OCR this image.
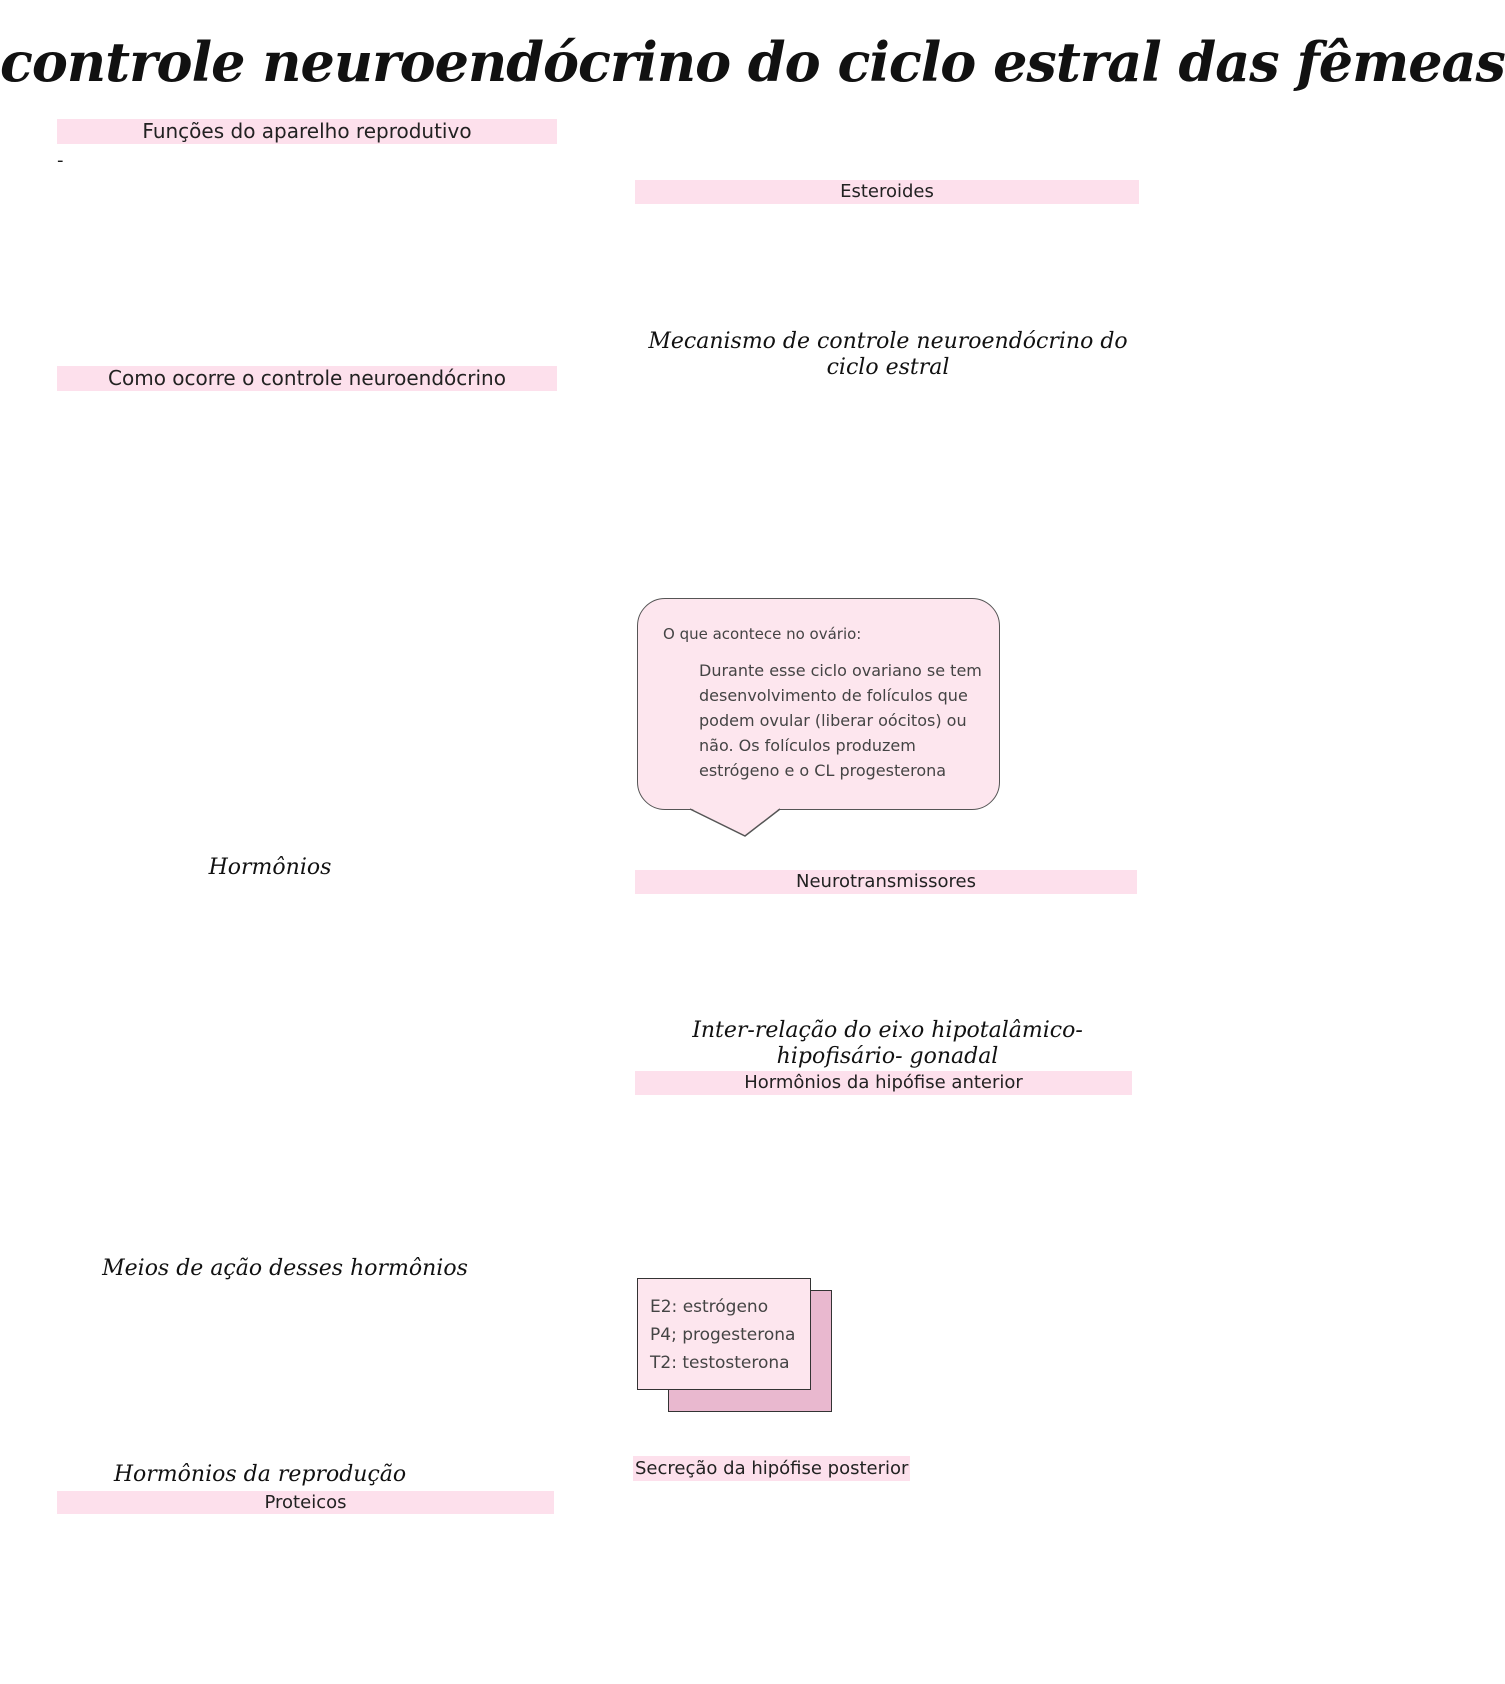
controle neuroendócrino do ciclo estral das fêmeas
Funções do aparelho reprodutivo
-
Como ocorre o controle neuroendócrino
Hormônios
Meios de ação desses hormônios
Hormônios da reprodução
Proteicos
Esteroides
Mecanismo de controle neuroendócrino do ciclo estral
O que acontece no ovário:
Durante esse ciclo ovariano se tem desenvolvimento de folículos que podem ovular (liberar oócitos) ou não. Os folículos produzem estrógeno e o CL progesterona
Neurotransmissores
Inter-relação do eixo hipotalâmico- hipofisário- gonadal
Hormônios da hipófise anterior
E2: estrógeno
P4; progesterona
T2: testosterona
Secreção da hipófise posterior
